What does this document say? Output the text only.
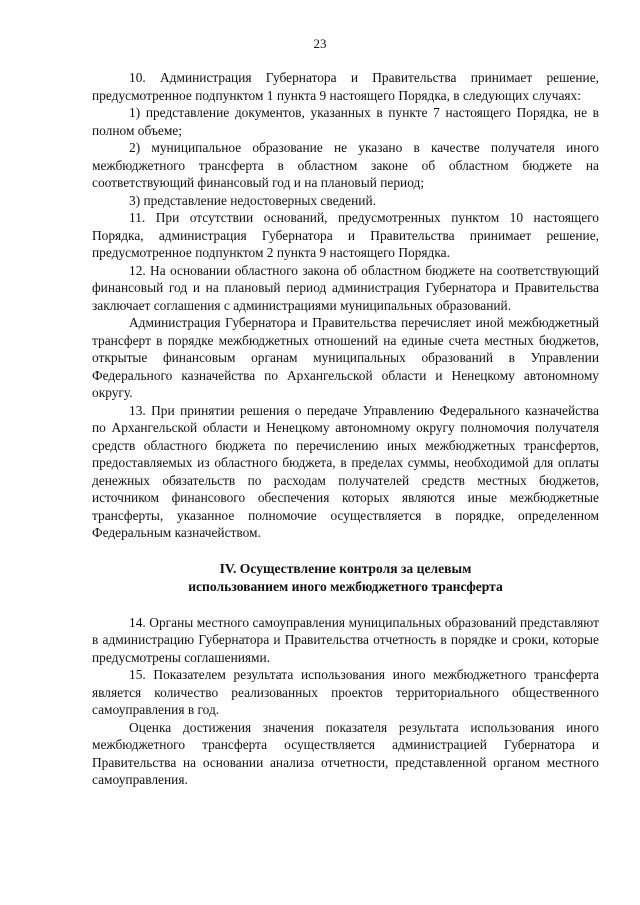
23

10. Администрация Губернатора и Правительства принимает решение, предусмотренное подпунктом 1 пункта 9 настоящего Порядка, в следующих случаях:

1) представление документов, указанных в пункте 7 настоящего Порядка, не в полном объеме;

2) муниципальное образование не указано в качестве получателя иного межбюджетного трансферта в областном законе об областном бюджете на соответствующий финансовый год и на плановый период;

3) представление недостоверных сведений.

11. При отсутствии оснований, предусмотренных пунктом 10 настоящего Порядка, администрация Губернатора и Правительства принимает решение, предусмотренное подпунктом 2 пункта 9 настоящего Порядка.

12. На основании областного закона об областном бюджете на соответствующий финансовый год и на плановый период администрация Губернатора и Правительства заключает соглашения с администрациями муниципальных образований.

Администрация Губернатора и Правительства перечисляет иной межбюджетный трансферт в порядке межбюджетных отношений на единые счета местных бюджетов, открытые финансовым органам муниципальных образований в Управлении Федерального казначейства по Архангельской области и Ненецкому автономному округу.

13. При принятии решения о передаче Управлению Федерального казначейства по Архангельской области и Ненецкому автономному округу полномочия получателя средств областного бюджета по перечислению иных межбюджетных трансфертов, предоставляемых из областного бюджета, в пределах суммы, необходимой для оплаты денежных обязательств по расходам получателей средств местных бюджетов, источником финансового обеспечения которых являются иные межбюджетные трансферты, указанное полномочие осуществляется в порядке, определенном Федеральным казначейством.

IV. Осуществление контроля за целевым
использованием иного межбюджетного трансферта

14. Органы местного самоуправления муниципальных образований представляют в администрацию Губернатора и Правительства отчетность в порядке и сроки, которые предусмотрены соглашениями.

15. Показателем результата использования иного межбюджетного трансферта является количество реализованных проектов территориального общественного самоуправления в год.

Оценка достижения значения показателя результата использования иного межбюджетного трансферта осуществляется администрацией Губернатора и Правительства на основании анализа отчетности, представленной органом местного самоуправления.
